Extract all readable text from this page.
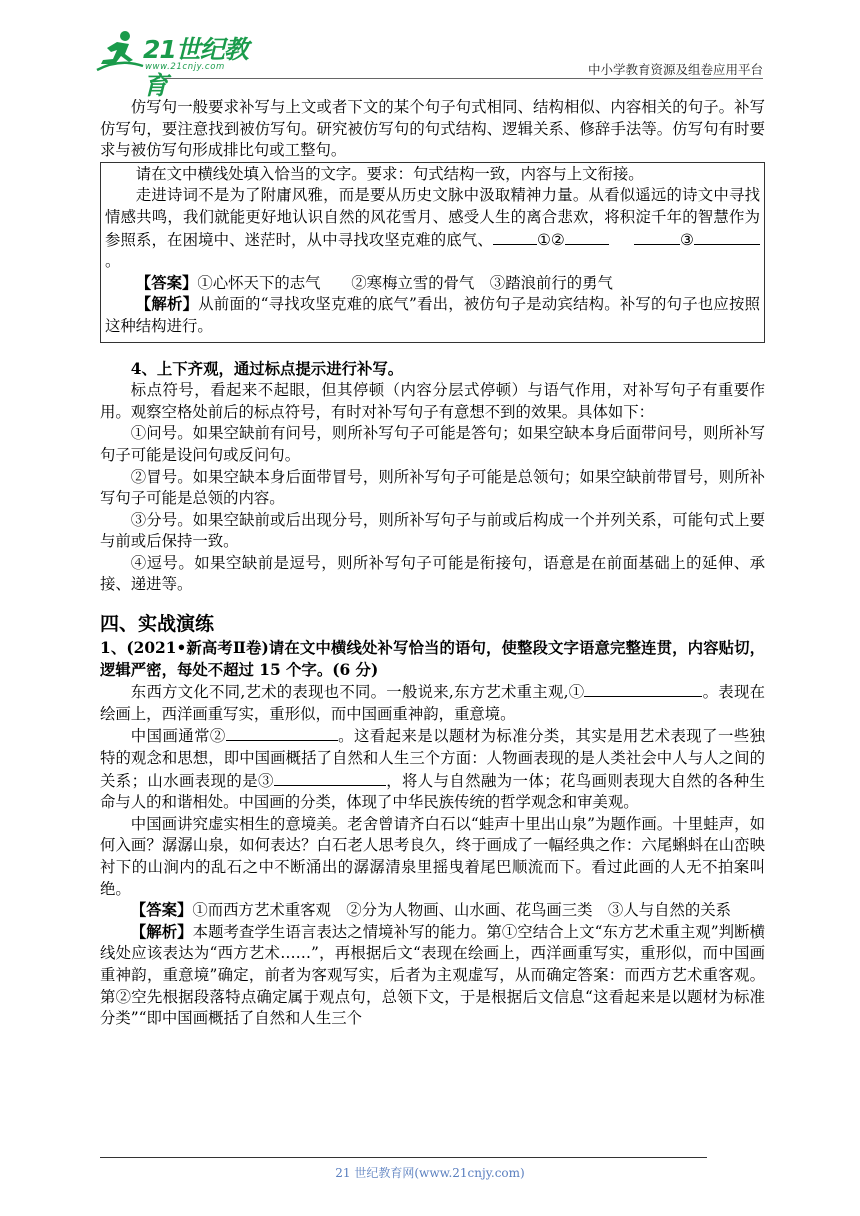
21世纪教育
www.21cnjy.com	中小学教育资源及组卷应用平台

仿写句一般要求补写与上文或者下文的某个句子句式相同、结构相似、内容相关的句子。补写仿写句，要注意找到被仿写句。研究被仿写句的句式结构、逻辑关系、修辞手法等。仿写句有时要求与被仿写句形成排比句或工整句。

请在文中横线处填入恰当的文字。要求：句式结构一致，内容与上文衔接。

走进诗词不是为了附庸风雅，而是要从历史文脉中汲取精神力量。从看似遥远的诗文中寻找情感共鸣，我们就能更好地认识自然的风花雪月、感受人生的离合悲欢，将积淀千年的智慧作为参照系，在困境中、迷茫时，从中寻找攻坚克难的底气、	①②	③。

【答案】①心怀天下的志气　　②寒梅立雪的骨气　③踏浪前行的勇气

【解析】从前面的“寻找攻坚克难的底气”看出，被仿句子是动宾结构。补写的句子也应按照这种结构进行。

4、上下齐观，通过标点提示进行补写。

标点符号，看起来不起眼，但其停顿（内容分层式停顿）与语气作用，对补写句子有重要作用。观察空格处前后的标点符号，有时对补写句子有意想不到的效果。具体如下：

①问号。如果空缺前有问号，则所补写句子可能是答句；如果空缺本身后面带问号，则所补写句子可能是设问句或反问句。

②冒号。如果空缺本身后面带冒号，则所补写句子可能是总领句；如果空缺前带冒号，则所补写句子可能是总领的内容。

③分号。如果空缺前或后出现分号，则所补写句子与前或后构成一个并列关系，可能句式上要与前或后保持一致。

④逗号。如果空缺前是逗号，则所补写句子可能是衔接句，语意是在前面基础上的延伸、承接、递进等。

四、实战演练

1、(2021•新高考Ⅱ卷)请在文中横线处补写恰当的语句，使整段文字语意完整连贯，内容贴切，逻辑严密，每处不超过 15 个字。(6 分)

东西方文化不同,艺术的表现也不同。一般说来,东方艺术重主观,①	。表现在绘画上，西洋画重写实，重形似，而中国画重神韵，重意境。

中国画通常②	。这看起来是以题材为标准分类，其实是用艺术表现了一些独特的观念和思想，即中国画概括了自然和人生三个方面：人物画表现的是人类社会中人与人之间的关系；山水画表现的是③	，将人与自然融为一体；花鸟画则表现大自然的各种生命与人的和谐相处。中国画的分类，体现了中华民族传统的哲学观念和审美观。

中国画讲究虚实相生的意境美。老舍曾请齐白石以“蛙声十里出山泉”为题作画。十里蛙声，如何入画？潺潺山泉，如何表达？白石老人思考良久，终于画成了一幅经典之作：六尾蝌蚪在山峦映衬下的山涧内的乱石之中不断涌出的潺潺清泉里摇曳着尾巴顺流而下。看过此画的人无不拍案叫绝。

【答案】①而西方艺术重客观　②分为人物画、山水画、花鸟画三类　③人与自然的关系

【解析】本题考查学生语言表达之情境补写的能力。第①空结合上文“东方艺术重主观”判断横线处应该表达为“西方艺术……”，再根据后文“表现在绘画上，西洋画重写实，重形似，而中国画重神韵，重意境”确定，前者为客观写实，后者为主观虚写，从而确定答案：而西方艺术重客观。第②空先根据段落特点确定属于观点句，总领下文，于是根据后文信息“这看起来是以题材为标准分类”“即中国画概括了自然和人生三个

21 世纪教育网(www.21cnjy.com)
